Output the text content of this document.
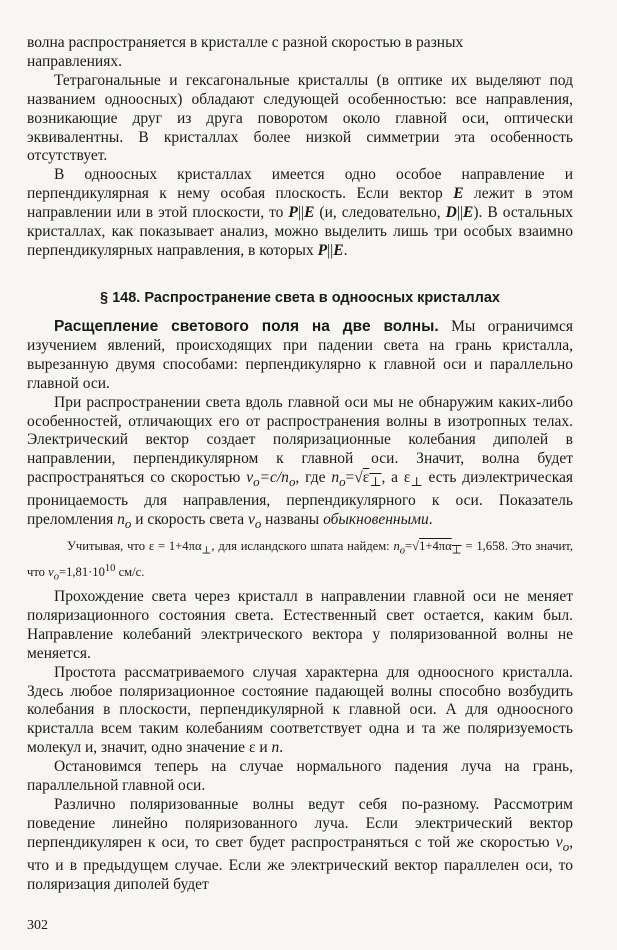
волна распространяется в кристалле с разной скоростью в разных
направлениях.

Тетрагональные и гексагональные кристаллы (в оптике их выделяют под названием одноосных) обладают следующей особенностью: все направления, возникающие друг из друга поворотом около главной оси, оптически эквивалентны. В кристаллах более низкой симметрии эта особенность отсутствует.

В одноосных кристаллах имеется одно особое направление и перпендикулярная к нему особая плоскость. Если вектор E лежит в этом направлении или в этой плоскости, то P||E (и, следовательно, D||E). В остальных кристаллах, как показывает анализ, можно выделить лишь три особых взаимно перпендикулярных направления, в которых P||E.

§ 148. Распространение света в одноосных кристаллах

Расщепление светового поля на две волны. Мы ограничимся изучением явлений, происходящих при падении света на грань кристалла, вырезанную двумя способами: перпендикулярно к главной оси и параллельно главной оси.

При распространении света вдоль главной оси мы не обнаружим каких-либо особенностей, отличающих его от распространения волны в изотропных телах. Электрический вектор создает поляризационные колебания диполей в направлении, перпендикулярном к главной оси. Значит, волна будет распространяться со скоростью $v_o=c/n_o$, где $n_o=√\varepsilon_\perp$, а $\varepsilon_\perp$ есть диэлектрическая проницаемость для направления, перпендикулярного к оси. Показатель преломления $n_o$ и скорость света $v_o$ названы обыкновенными.

Учитывая, что $\varepsilon = 1+4\pi\alpha_\perp$, для исландского шпата найдем: $n_o=√1+4\pi\alpha_\perp = 1,658$. Это значит, что $v_o=1,81\cdot 10^{10}$ см/с.

Прохождение света через кристалл в направлении главной оси не меняет поляризационного состояния света. Естественный свет остается, каким был. Направление колебаний электрического вектора у поляризованной волны не меняется.

Простота рассматриваемого случая характерна для одноосного кристалла. Здесь любое поляризационное состояние падающей волны способно возбудить колебания в плоскости, перпендикулярной к главной оси. А для одноосного кристалла всем таким колебаниям соответствует одна и та же поляризуемость молекул и, значит, одно значение ε и n.

Остановимся теперь на случае нормального падения луча на грань, параллельной главной оси.

Различно поляризованные волны ведут себя по-разному. Рассмотрим поведение линейно поляризованного луча. Если электрический вектор перпендикулярен к оси, то свет будет распространяться с той же скоростью $v_o$, что и в предыдущем случае. Если же электрический вектор параллелен оси, то поляризация диполей будет

302
